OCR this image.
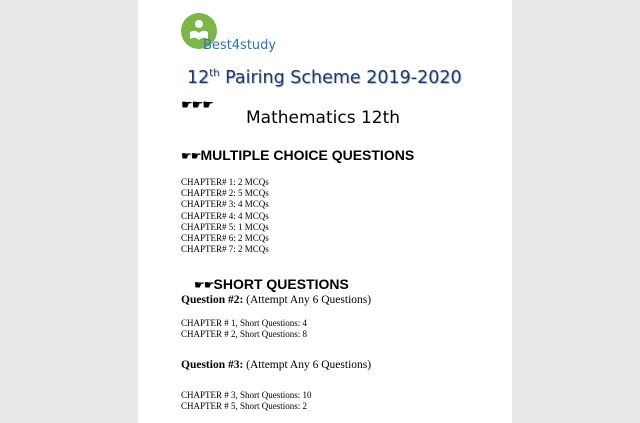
Best4study
12th Pairing Scheme 2019-2020
☛☛☛
Mathematics 12th
☛☛MULTIPLE CHOICE QUESTIONS
CHAPTER# 1: 2 MCQs
CHAPTER# 2: 5 MCQs
CHAPTER# 3: 4 MCQs
CHAPTER# 4: 4 MCQs
CHAPTER# 5: 1 MCQs
CHAPTER# 6: 2 MCQs
CHAPTER# 7: 2 MCQs
☛☛SHORT QUESTIONS
Question #2: (Attempt Any 6 Questions)
CHAPTER # 1, Short Questions: 4
CHAPTER # 2, Short Questions: 8
Question #3: (Attempt Any 6 Questions)
CHAPTER # 3, Short Questions: 10
CHAPTER # 5, Short Questions: 2
